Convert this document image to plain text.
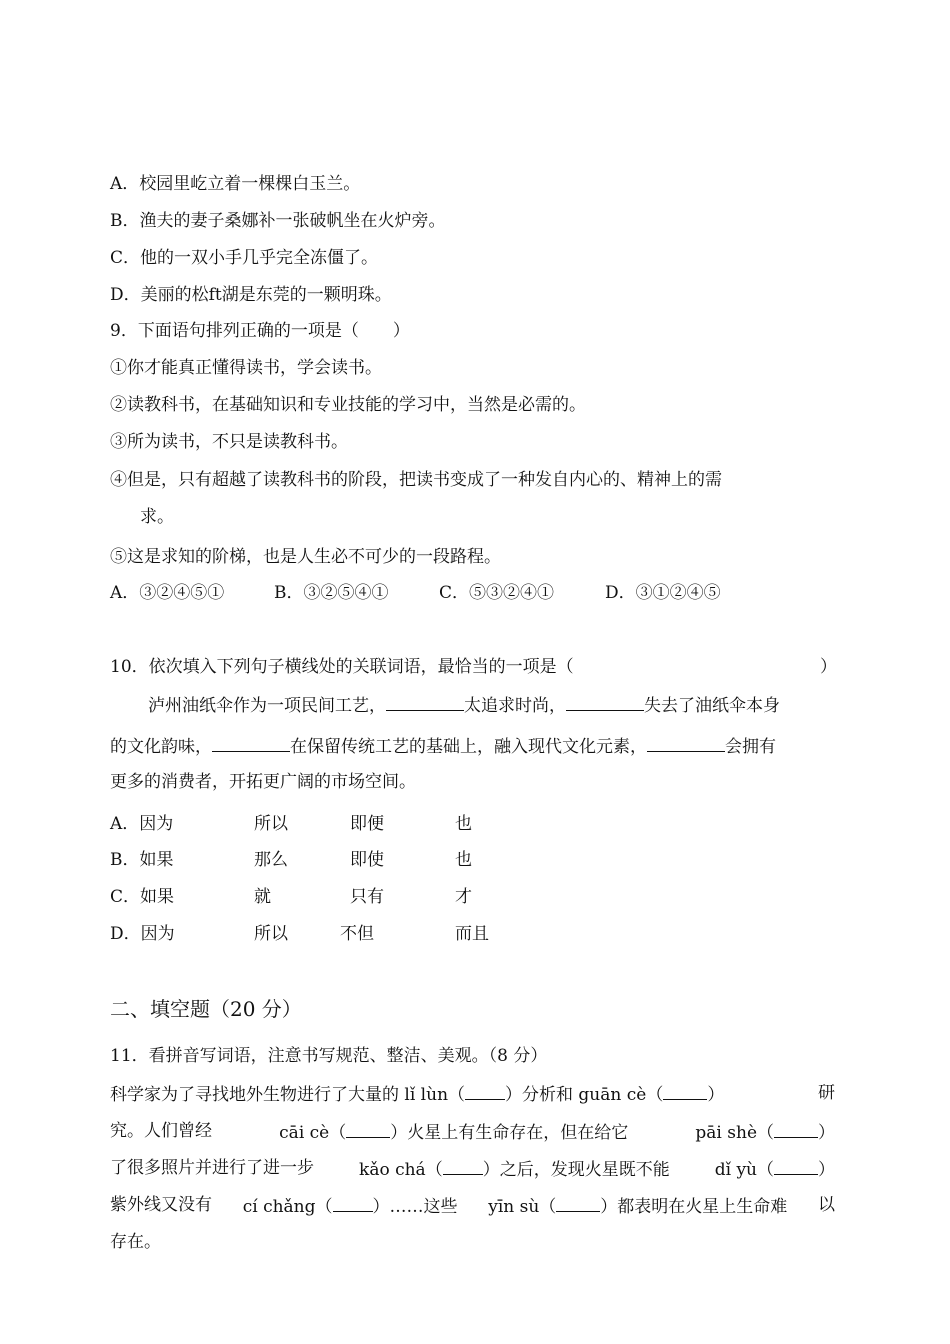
A．校园里屹立着一棵棵白玉兰。
B．渔夫的妻子桑娜补一张破帆坐在火炉旁。
C．他的一双小手几乎完全冻僵了。
D．美丽的松ft湖是东莞的一颗明珠。
9．下面语句排列正确的一项是（　　）
①你才能真正懂得读书，学会读书。
②读教科书，在基础知识和专业技能的学习中，当然是必需的。
③所为读书，不只是读教科书。
④但是，只有超越了读教科书的阶段，把读书变成了一种发自内心的、精神上的需
求。
⑤这是求知的阶梯，也是人生必不可少的一段路程。
A．③②④⑤①	B．③②⑤④①	C．⑤③②④①	D．③①②④⑤
10．依次填入下列句子横线处的关联词语，最恰当的一项是（	）
泸州油纸伞作为一项民间工艺，	太追求时尚，	失去了油纸伞本身
的文化韵味，	在保留传统工艺的基础上，融入现代文化元素，	会拥有
更多的消费者，开拓更广阔的市场空间。
A．因为	所以	即便	也
B．如果	那么	即使	也
C．如果	就	只有	才
D．因为	所以	不但	而且
二、填空题（20 分）
11．看拼音写词语，注意书写规范、整洁、美观。（8 分）
科学家为了寻找地外生物进行了大量的 lǐ lùn（ ）分析和 guān cè（	）	研
究。人们曾经	cāi cè（	）火星上有生命存在，但在给它	pāi shè（	）
了很多照片并进行了进一步	kǎo chá（ ）之后，发现火星既不能	dǐ yù（	）
紫外线又没有 cí chǎng（ ）……这些 yīn sù（	）都表明在火星上生命难 以
存在。
